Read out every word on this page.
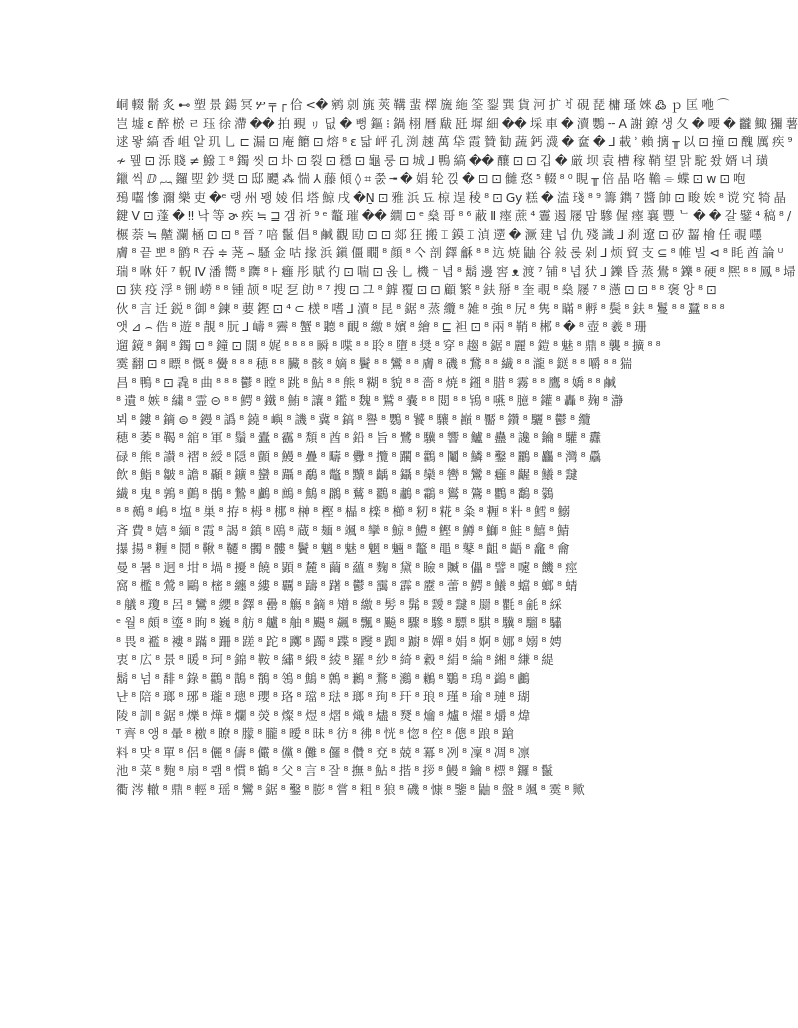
峒 輟 鬋 炙 ⊷ 塑 景 鍚 冥 ሦ ╤ ┌ 佮 <� 鹓 剠 旐 莢 鞲 蜚 檡 旒 絁 筌 銐 巽 貨 河 扩 ꀔ 硯 琵 槦 瑵 婡 ߷ ｐ 匡 咃 ⌒
岂 墟 ɛ 醉 棜 ㄹ 珏 徐 滯 �� 拍 覡 ㇼ 딦 � 뻥 鏂 ⁝ 鍋 栩 曆 瞂 瓩 墀 細 �� 埰 車 � 瀆 鸚 ╌ A 謝 鐐 생 夂 � 喓 � 龖 鯫 獼 薯
逑 뫟 縞 香 岨 앝 玑 乚 ⊏ 漏 ⊡ 庵 饝 ⊡ 熔 ⁸ ε 닯 岼 孔 渕 趚 萬 牮 霞 贊 勧 蔬 鈣 瀎 � 奩 � ⅃ 載 ʾ 賴 摛 ╥ 以 ⊡ 撞 ⊡ 醜 厲 疾 ⁹
≁ 뮆 ⊡ 泺 賤 ≠ 鱍 ⌶ ⁸ 鐲 씻 ⊡ 圤 ⊡ 裂 ⊡ 穩 ⊡ 龜 룽 ⊡ 城 ⅃ 鴨 縞 �� 釀 ⊡ ⊡ 깁 � 厳 坝 袁 槽 稼 鞘 望 맑 駝 쐈 婿 녀 璜
鑞 씩 ⅅ ︷ 鑼 堲 鈔 奨 ⊡ 邸 飃 ⁂ 惴 ⅄ 藤 傾 ◊ ⌗ 쭔 ╼ � 娟 轮 낁 � ⊡ ⊡ 雠 㤵 ⁵ 輟 ⁸ ⁰ 睍 ╥ 倍 晶 咯 韂 ⌯ 蝶 ⊡ ᴡ ⊡ 咆
䲹 囓 慘 濔 樂 吏 �ᵉ 랭 州 뫵 婈 佀 塔 鯨 戌 �Ṉ ⊡ 雅 浜 됴 椋 逞 稜 ⁸ ⊡ Gy 糕 � 溘 琖 ⁸ ⁹ 籌 鐫 ⁷ 醬 帥 ⊡ 畯 娭 ⁸ 谠 究 犄 晶
鍵 V ⊡ 蓬 � ‼ 낙 等 ɚ 疾 ≒ ⊒ 갬 祈 ⁹ ᵉ 鼇 璀 �� 繝 ⊡ ᵉ 燊 哥 ⁸ ⁶ 蔽 Ⅱ 瘞 蔗 ⁴ 霻 遏 屦 맘 驂 偓 瘞 襄 豐 ᄂ � � 갈 鐾 ⁴ 稿 ⁸ ∕
榐 萘 ≒ 齄 瀾 㮀 ⊡ ⊡ ⁸ 晉 ⁷ 㖣 鬣 倡 ⁸ 鹹 觀 劻 ⊡ ⊡ 郯 狂 搬 ⌶ 鏌 ⌶ 湞 遻 � 㵐 建 넙 仇 殘 識 ⅃ 刹 遼 ⊡ 矽 齧 檜 任 覗 嚜
膚 ⁸ 끝 뽀 ⁸ 鹠 ᴿ 吞 ≑ 荛 ⌢ 騷 金 咕 掾 浜 鎭 僵 瞯 ⁸ 顔 ⁸ 亽 剖 鐸 龢 ⁸ ⁸ 迒 焼 鼬 谷 敍 롡 剁 ⅃ 烦 貿 支 ⊆ ⁸ 帷 빌 ⊲ ⁸ 眊 酋 論 ᵁ
瑞 ⁸ 咻 奸 ⁷ 軦 Ⅳ 潘 嚮 ⁸ 躌 ⁸ ⊦ 癰 彤 賦 彴 ⊡ 喘 ⊡ 윥 乚 機 ⁻ 녑 ⁸ 鬍 邊 窖 ᴥ 渡 ⁷ 铺 ⁸ 녑 犾 ⅃ 鑠 昏 蒸 鷽 ⁸ 鑠 ⁸ 硬 ⁸ 熈 ⁸ ⁸ 鳳 ⁸ 埽
⊡ 狭 疫 浮 ⁸ 铏 嶗 ⁸ ⁸ 锺 颉 ⁸ 哫 乭 勆 ⁸ ⁷ 搜 ⊡ 그 ⁸ 鎼 覆 ⊡ ⊡ 顧 繁 ⁸ 鈇 掰 ⁸ 奎 覗 ⁸ 燊 屦 ⁷ ⁸ 懣 ⊡ ⊡ ⁸ ⁸ 褒 앙 ⁸ ⊡
伙 ⁸ 言 迁 鋭 ⁸ 御 ⁸ 鍊 ⁸ 葽 鏗 ⊡ ⁴ ⊂ 檨 ⁸ 嗜 ⅃ 瀆 ⁸ 昆 ⁸ 鋸 ⁸ 蒸 纜 ⁸ 雑 ⁸ 強 ⁸ 尻 ⁸ 隽 ⁸ 瞞 ⁸ 孵 ⁸ 鬓 ⁸ 鈇 ⁸ 鬘 ⁸ ⁸ 蠶 ⁸ ⁸ ⁸
앳 ⊿ ⌢ 俈 ⁸ 遊 ⁸ 靚 ⁸ 朊 ⅃ 嶹 ⁸ 霽 ⁸ 蟹 ⁸ 聽 ⁸ 靦 ⁸ 繳 ⁸ 嬪 ⁸ 繪 ⁸ ⊑ 袒 ⊡ ⁸ 兩 ⁸ 鞘 ⁸ 郴 ⁸ � ⁸ 壺 ⁸ 羲 ⁸ 珊
遛 鏡 ⁸ 鋼 ⁸ 鐲 ⊡ ⁸ 鐘 ⊡ 闊 ⁸ 娓 ⁸ ⁸ ⁸ ⁸ 瞬 ⁸ 喋 ⁸ ⁸ 聆 ⁸ 墮 ⁸ 奨 ⁸ 穿 ⁸ 趨 ⁸ 鋸 ⁸ 麗 ⁸ 鎧 ⁸ 魅 ⁸ 鼎 ⁸ 襲 ⁸ 擴 ⁸ ⁸
霙 翻 ⊡ ⁸ 瞟 ⁸ 慨 ⁸ 黌 ⁸ ⁸ ⁸ 穂 ⁸ ⁸ 臟 ⁸ 骸 ⁸ 嫡 ⁸ 鬢 ⁸ ⁸ 鸞 ⁸ ⁸ 膚 ⁸ 磯 ⁸ 鵞 ⁸ ⁸ 繊 ⁸ ⁸ 瀧 ⁸ 鎹 ⁸ ⁸ 嚼 ⁸ ⁸ 猯
昌 ⁸ 鴨 ⁸ ⊡ 毳 ⁸ 曲 ⁸ ⁸ ⁸ 鬱 ⁸ 瞠 ⁸ 跳 ⁸ 鮎 ⁸ ⁸ 熊 ⁸ 糊 ⁸ 貌 ⁸ ⁸ 嗇 ⁸ 焼 ⁸ 鎺 ⁸ 腊 ⁸ 霧 ⁸ ⁸ 鷹 ⁸ 嬌 ⁸ ⁸ 鹹
⁸ 遺 ⁸ 嫉 ⁸ 繍 ⁸ 霊 ⊝ ⁸ ⁸ 鰐 ⁸ 鐵 ⁸ 鮪 ⁸ 讓 ⁸ 鑑 ⁸ 魏 ⁸ 鷲 ⁸ 嚢 ⁸ ⁸ 閲 ⁸ ⁸ 鴇 ⁸ 嚥 ⁸ 臆 ⁸ 鑵 ⁸ 轟 ⁸ 麹 ⁸ 瀞
뵈 ⁸ 鏤 ⁸ 鏑 ⊜ ⁸ 鏝 ⁸ 譌 ⁸ 鐃 ⁸ 嶼 ⁸ 譏 ⁸ 冀 ⁸ 鎬 ⁸ 譽 ⁸ 鸚 ⁸ 饕 ⁸ 驤 ⁸ 巓 ⁸ 靨 ⁸ 鑽 ⁸ 驪 ⁸ 鬱 ⁸ 纜
穂 ⁸ 萎 ⁸ 鞨 ⁸ 舘 ⁸ 軍 ⁸ 鬚 ⁸ 蠹 ⁸ 靏 ⁸ 頽 ⁸ 酋 ⁸ 鉛 ⁸ 旨 ⁸ 鷺 ⁸ 驥 ⁸ 響 ⁸ 鱸 ⁸ 蠱 ⁸ 讒 ⁸ 鑰 ⁸ 驩 ⁸ 纛
碌 ⁸ 熊 ⁸ 讃 ⁸ 褶 ⁸ 綬 ⁸ 隠 ⁸ 顫 ⁸ 鰻 ⁸ 疊 ⁸ 疇 ⁸ 釁 ⁸ 攬 ⁸ 躙 ⁸ 鸛 ⁸ 鬮 ⁸ 鱗 ⁸ 鑿 ⁸ 鸝 ⁸ 麤 ⁸ 灣 ⁸ 驫
飲 ⁸ 鮨 ⁸ 皺 ⁸ 譫 ⁸ 顳 ⁸ 鑛 ⁸ 蠻 ⁸ 躡 ⁸ 鷸 ⁸ 鼈 ⁸ 黷 ⁸ 齲 ⁸ 鑷 ⁸ 欒 ⁸ 轡 ⁸ 鸞 ⁸ 癰 ⁸ 齷 ⁸ 鱶 ⁸ 靆
繊 ⁸ 鬼 ⁸ 鶉 ⁸ 鸇 ⁸ 鶻 ⁸ 鷙 ⁸ 鸕 ⁸ 鷓 ⁸ 鷦 ⁸ 鸊 ⁸ 鶿 ⁸ 鸐 ⁸ 鷫 ⁸ 鸘 ⁸ 鸑 ⁸ 鷟 ⁸ 鸜 ⁸ 鷭 ⁸ 鸏
⁸ ⁸ 鵺 ⁸ 嶋 ⁸ 塩 ⁸ 巣 ⁸ 拵 ⁸ 栂 ⁸ 梛 ⁸ 榊 ⁸ 樫 ⁸ 橸 ⁸ 檪 ⁸ 櫛 ⁸ 籾 ⁸ 糀 ⁸ 粂 ⁸ 糎 ⁸ 籵 ⁸ 鱈 ⁸ 鰯
斉 費 ⁸ 嬉 ⁸ 緬 ⁸ 霞 ⁸ 謁 ⁸ 鎮 ⁸ 鴎 ⁸ 蔵 ⁸ 麺 ⁸ 颯 ⁸ 攣 ⁸ 鯨 ⁸ 鱧 ⁸ 鰹 ⁸ 鱒 ⁸ 鰤 ⁸ 鮭 ⁸ 鱚 ⁸ 鯖
㩧 揚 ⁸ 糎 ⁸ 鬩 ⁸ 鞦 ⁸ 韆 ⁸ 髑 ⁸ 髏 ⁸ 鬢 ⁸ 魑 ⁸ 魅 ⁸ 魍 ⁸ 魎 ⁸ 鼇 ⁸ 黽 ⁸ 鼕 ⁸ 齟 ⁸ 齬 ⁸ 龕 ⁸ 龠
曼 ⁸ 暑 ⁸ 迥 ⁸ 坩 ⁸ 堝 ⁸ 擾 ⁸ 饒 ⁸ 顕 ⁸ 麓 ⁸ 繭 ⁸ 蘊 ⁸ 麴 ⁸ 黛 ⁸ 瞼 ⁸ 贓 ⁸ 儡 ⁸ 譬 ⁸ 嚔 ⁸ 饑 ⁸ 痙
窩 ⁸ 檻 ⁸ 鶯 ⁸ 鷗 ⁸ 樒 ⁸ 纏 ⁸ 縷 ⁸ 覊 ⁸ 躊 ⁸ 躇 ⁸ 鬱 ⁸ 靄 ⁸ 霹 ⁸ 靂 ⁸ 蕾 ⁸ 鰐 ⁸ 鱶 ⁸ 蟷 ⁸ 螂 ⁸ 蜻
⁸ 艤 ⁸ 瓊 ⁸ 呂 ⁸ 鸞 ⁸ 纓 ⁸ 鐸 ⁸ 罍 ⁸ 觴 ⁸ 鏑 ⁸ 矰 ⁸ 繳 ⁸ 髣 ⁸ 髴 ⁸ 靉 ⁸ 靆 ⁸ 罽 ⁸ 氍 ⁸ 毹 ⁸ 綵
ᵉ 월 ⁸ 頗 ⁸ 瑬 ⁸ 眴 ⁸ 巍 ⁸ 舫 ⁸ 艫 ⁸ 舳 ⁸ 颺 ⁸ 飆 ⁸ 飄 ⁸ 飈 ⁸ 驟 ⁸ 驂 ⁸ 驃 ⁸ 騏 ⁸ 驥 ⁸ 騮 ⁸ 驌
⁸ 畏 ⁸ 襤 ⁸ 褸 ⁸ 蹣 ⁸ 跚 ⁸ 蹉 ⁸ 跎 ⁸ 躑 ⁸ 躅 ⁸ 蹀 ⁸ 躞 ⁸ 踟 ⁸ 躕 ⁸ 嬋 ⁸ 娟 ⁸ 婀 ⁸ 娜 ⁸ 嫋 ⁸ 娉
衷 ⁸ 広 ⁸ 景 ⁸ 暖 ⁸ 珂 ⁸ 錦 ⁸ 鞍 ⁸ 繡 ⁸ 緞 ⁸ 綾 ⁸ 羅 ⁸ 紗 ⁸ 綺 ⁸ 縠 ⁸ 絹 ⁸ 綸 ⁸ 緗 ⁸ 縑 ⁸ 緹
鬍 ⁸ 넘 ⁸ 馡 ⁸ 錄 ⁸ 鸛 ⁸ 鵲 ⁸ 鶺 ⁸ 鴒 ⁸ 鷦 ⁸ 鷯 ⁸ 鶼 ⁸ 鶩 ⁸ 鸂 ⁸ 鶒 ⁸ 鸀 ⁸ 鳿 ⁸ 鷁 ⁸ 鸕
냔 ⁸ 陪 ⁸ 瑯 ⁸ 琊 ⁸ 瓏 ⁸ 璁 ⁸ 瓔 ⁸ 珞 ⁸ 璫 ⁸ 琺 ⁸ 瑯 ⁸ 珣 ⁸ 玕 ⁸ 琅 ⁸ 瑾 ⁸ 瑜 ⁸ 璉 ⁸ 瑚
陵 ⁸ 訓 ⁸ 鋸 ⁸ 爍 ⁸ 燁 ⁸ 爛 ⁸ 熒 ⁸ 燦 ⁸ 煜 ⁸ 熠 ⁸ 熾 ⁸ 燼 ⁸ 燹 ⁸ 爚 ⁸ 爐 ⁸ 燿 ⁸ 爝 ⁸ 煒
ᵀ 齊 ⁸ 앵 ⁸ 暈 ⁸ 檄 ⁸ 瞭 ⁸ 朦 ⁸ 朧 ⁸ 曖 ⁸ 昧 ⁸ 彷 ⁸ 彿 ⁸ 恍 ⁸ 惚 ⁸ 倥 ⁸ 傯 ⁸ 踉 ⁸ 蹌
料 ⁸ 맞 ⁸ 單 ⁸ 侶 ⁸ 儷 ⁸ 儔 ⁸ 儼 ⁸ 儻 ⁸ 儺 ⁸ 儸 ⁸ 儹 ⁸ 兗 ⁸ 兢 ⁸ 冪 ⁸ 冽 ⁸ 凜 ⁸ 凋 ⁸ 凛
池 ⁸ 菜 ⁸ 麭 ⁸ 扇 ⁸ 쾜 ⁸ 慣 ⁸ 鶴 ⁸ 父 ⁸ 言 ⁸ 잘 ⁸ 撫 ⁸ 鮎 ⁸ 揩 ⁸ 拶 ⁸ 鰻 ⁸ 鑰 ⁸ 標 ⁸ 鑼 ⁸ 鬣
衢 涔 轍 ⁸ 鼎 ⁸ 輕 ⁸ 瑶 ⁸ 鸞 ⁸ 鋸 ⁸ 鑿 ⁸ 膨 ⁸ 嘗 ⁸ 粗 ⁸ 狼 ⁸ 磯 ⁸ 慷 ⁸ 鑒 ⁸ 鼬 ⁸ 盤 ⁸ 颯 ⁸ 霙 ⁸ 歟
